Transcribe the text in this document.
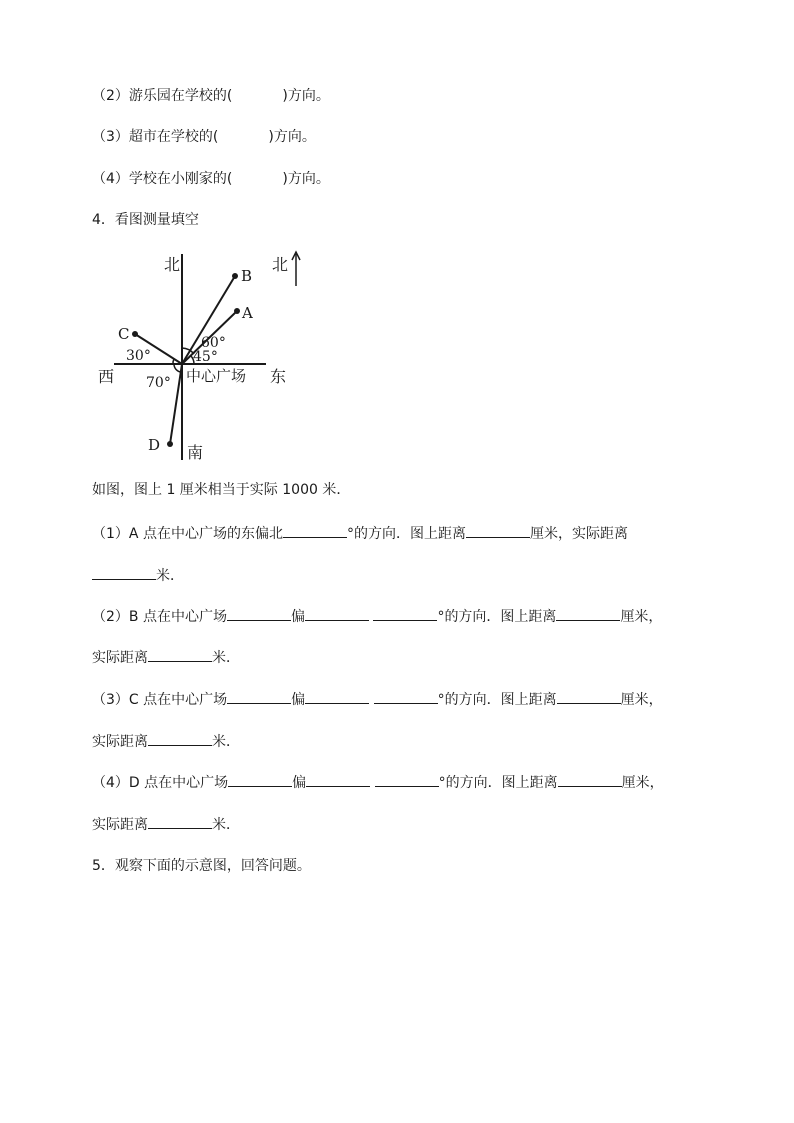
（2）游乐园在学校的(	)方向。
（3）超市在学校的(	)方向。
（4）学校在小刚家的(	)方向。
4．看图测量填空
北	北
西	东
南
中心广场
A
B
C
D
60°
45°
30°
70°
如图，图上 1 厘米相当于实际 1000 米．
（1）A 点在中心广场的东偏北	°的方向．图上距离	厘米，实际距离
米．
（2）B 点在中心广场	偏	°的方向．图上距离	厘米，
实际距离	米．
（3）C 点在中心广场	偏	°的方向．图上距离	厘米，
实际距离	米．
（4）D 点在中心广场	偏	°的方向．图上距离	厘米，
实际距离	米．
5．观察下面的示意图，回答问题。
